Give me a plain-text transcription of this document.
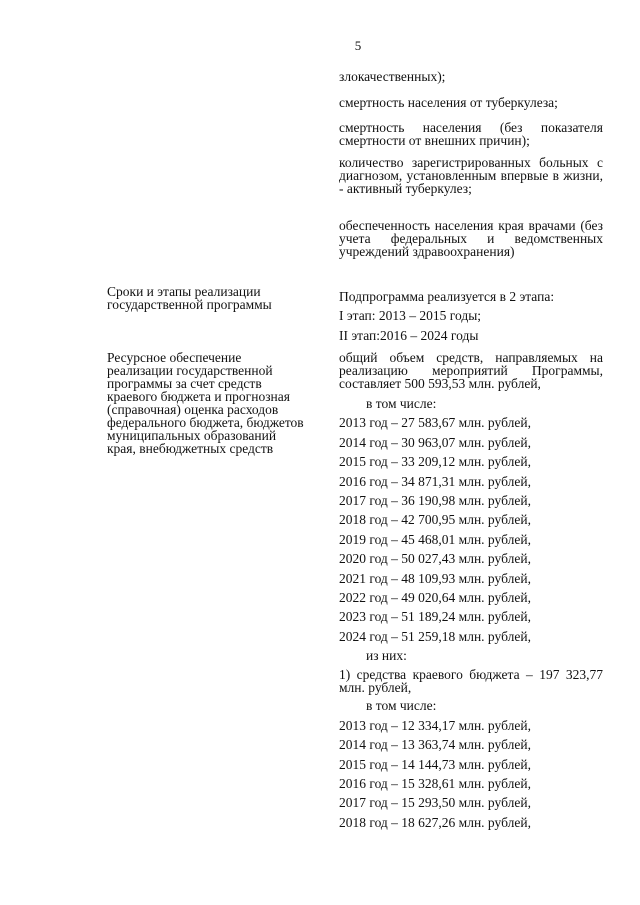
5

злокачественных);

смертность населения от туберкулеза;

смертность населения (без показателя смертности от внешних причин);

количество зарегистрированных больных с диагнозом, установленным впервые в жизни, - активный туберкулез;

обеспеченность населения края врачами (без учета федеральных и ведомственных учреждений здравоохранения)

Сроки и этапы реализации государственной программы
Подпрограмма реализуется в 2 этапа:
I этап: 2013 – 2015 годы;
II этап:2016 – 2024 годы
Ресурсное обеспечение реализации государственной программы за счет средств краевого бюджета и прогнозная (справочная) оценка расходов федерального бюджета, бюджетов муниципальных образований края, внебюджетных средств

общий объем средств, направляемых на реализацию мероприятий Программы, составляет 500 593,53 млн. рублей,

в том числе:
2013 год – 27 583,67 млн. рублей,
2014 год – 30 963,07 млн. рублей,
2015 год – 33 209,12 млн. рублей,
2016 год – 34 871,31 млн. рублей,
2017 год – 36 190,98 млн. рублей,
2018 год – 42 700,95 млн. рублей,
2019 год – 45 468,01 млн. рублей,
2020 год – 50 027,43 млн. рублей,
2021 год – 48 109,93 млн. рублей,
2022 год – 49 020,64 млн. рублей,
2023 год – 51 189,24 млн. рублей,
2024 год – 51 259,18 млн. рублей,
из них:

1) средства краевого бюджета – 197 323,77 млн. рублей,

в том числе:
2013 год – 12 334,17 млн. рублей,
2014 год – 13 363,74 млн. рублей,
2015 год – 14 144,73 млн. рублей,
2016 год – 15 328,61 млн. рублей,
2017 год – 15 293,50 млн. рублей,
2018 год – 18 627,26 млн. рублей,
